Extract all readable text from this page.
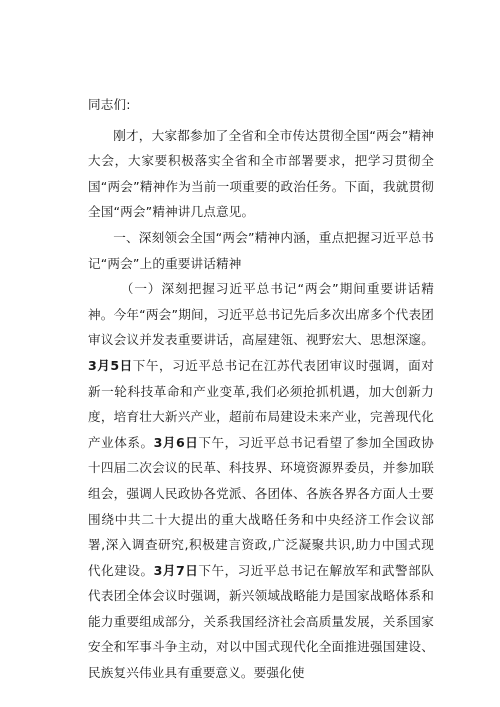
同志们:

刚才，大家都参加了全省和全市传达贯彻全国“两会”精神大会，大家要积极落实全省和全市部署要求，把学习贯彻全国“两会”精神作为当前一项重要的政治任务。下面，我就贯彻全国“两会”精神讲几点意见。

一、深刻领会全国“两会”精神内涵，重点把握习近平总书记“两会”上的重要讲话精神

（一）深刻把握习近平总书记“两会”期间重要讲话精神。今年“两会”期间，习近平总书记先后多次出席多个代表团审议会议并发表重要讲话，高屋建瓴、视野宏大、思想深邃。3月5日下午，习近平总书记在江苏代表团审议时强调，面对新一轮科技革命和产业变革,我们必须抢抓机遇，加大创新力度，培育壮大新兴产业，超前布局建设未来产业，完善现代化产业体系。3月6日下午，习近平总书记看望了参加全国政协十四届二次会议的民革、科技界、环境资源界委员，并参加联组会，强调人民政协各党派、各团体、各族各界各方面人士要围绕中共二十大提出的重大战略任务和中央经济工作会议部署,深入调查研究,积极建言资政,广泛凝聚共识,助力中国式现代化建设。3月7日下午，习近平总书记在解放军和武警部队代表团全体会议时强调，新兴领域战略能力是国家战略体系和能力重要组成部分，关系我国经济社会高质量发展，关系国家安全和军事斗争主动，对以中国式现代化全面推进强国建设、民族复兴伟业具有重要意义。要强化使
